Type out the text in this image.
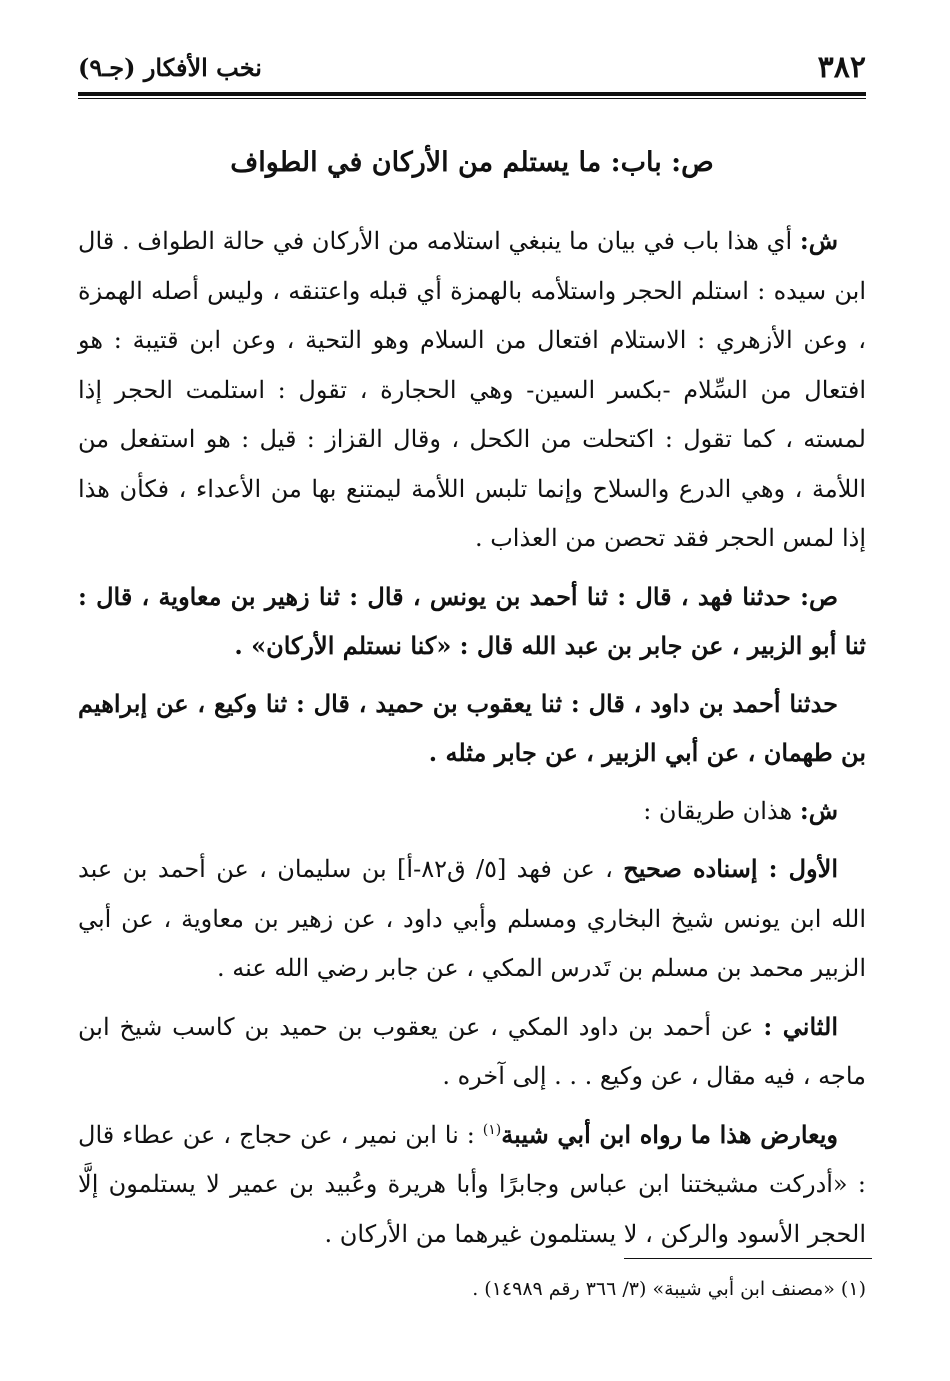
٣٨٢
نخب الأفكار (جـ٩)
ص: باب: ما يستلم من الأركان في الطواف

ش: أي هذا باب في بيان ما ينبغي استلامه من الأركان في حالة الطواف . قال ابن سيده : استلم الحجر واستلأمه بالهمزة أي قبله واعتنقه ، وليس أصله الهمزة ، وعن الأزهري : الاستلام افتعال من السلام وهو التحية ، وعن ابن قتيبة : هو افتعال من السِّلام -بكسر السين- وهي الحجارة ، تقول : استلمت الحجر إذا لمسته ، كما تقول : اكتحلت من الكحل ، وقال القزاز : قيل : هو استفعل من اللأمة ، وهي الدرع والسلاح وإنما تلبس اللأمة ليمتنع بها من الأعداء ، فكأن هذا إذا لمس الحجر فقد تحصن من العذاب .

ص: حدثنا فهد ، قال : ثنا أحمد بن يونس ، قال : ثنا زهير بن معاوية ، قال : ثنا أبو الزبير ، عن جابر بن عبد الله قال : «كنا نستلم الأركان» .

حدثنا أحمد بن داود ، قال : ثنا يعقوب بن حميد ، قال : ثنا وكيع ، عن إبراهيم بن طهمان ، عن أبي الزبير ، عن جابر مثله .

ش: هذان طريقان :

الأول : إسناده صحيح ، عن فهد [٥/ ق٨٢-أ] بن سليمان ، عن أحمد بن عبد الله ابن يونس شيخ البخاري ومسلم وأبي داود ، عن زهير بن معاوية ، عن أبي الزبير محمد بن مسلم بن تَدرس المكي ، عن جابر رضي الله عنه .

الثاني : عن أحمد بن داود المكي ، عن يعقوب بن حميد بن كاسب شيخ ابن ماجه ، فيه مقال ، عن وكيع . . . إلى آخره .

ويعارض هذا ما رواه ابن أبي شيبة$^{(١)}$ : نا ابن نمير ، عن حجاج ، عن عطاء قال : «أدركت مشيختنا ابن عباس وجابرًا وأبا هريرة وعُبيد بن عمير لا يستلمون إلَّا الحجر الأسود والركن ، لا يستلمون غيرهما من الأركان .

(١) «مصنف ابن أبي شيبة» (٣/ ٣٦٦ رقم ١٤٩٨٩) .
